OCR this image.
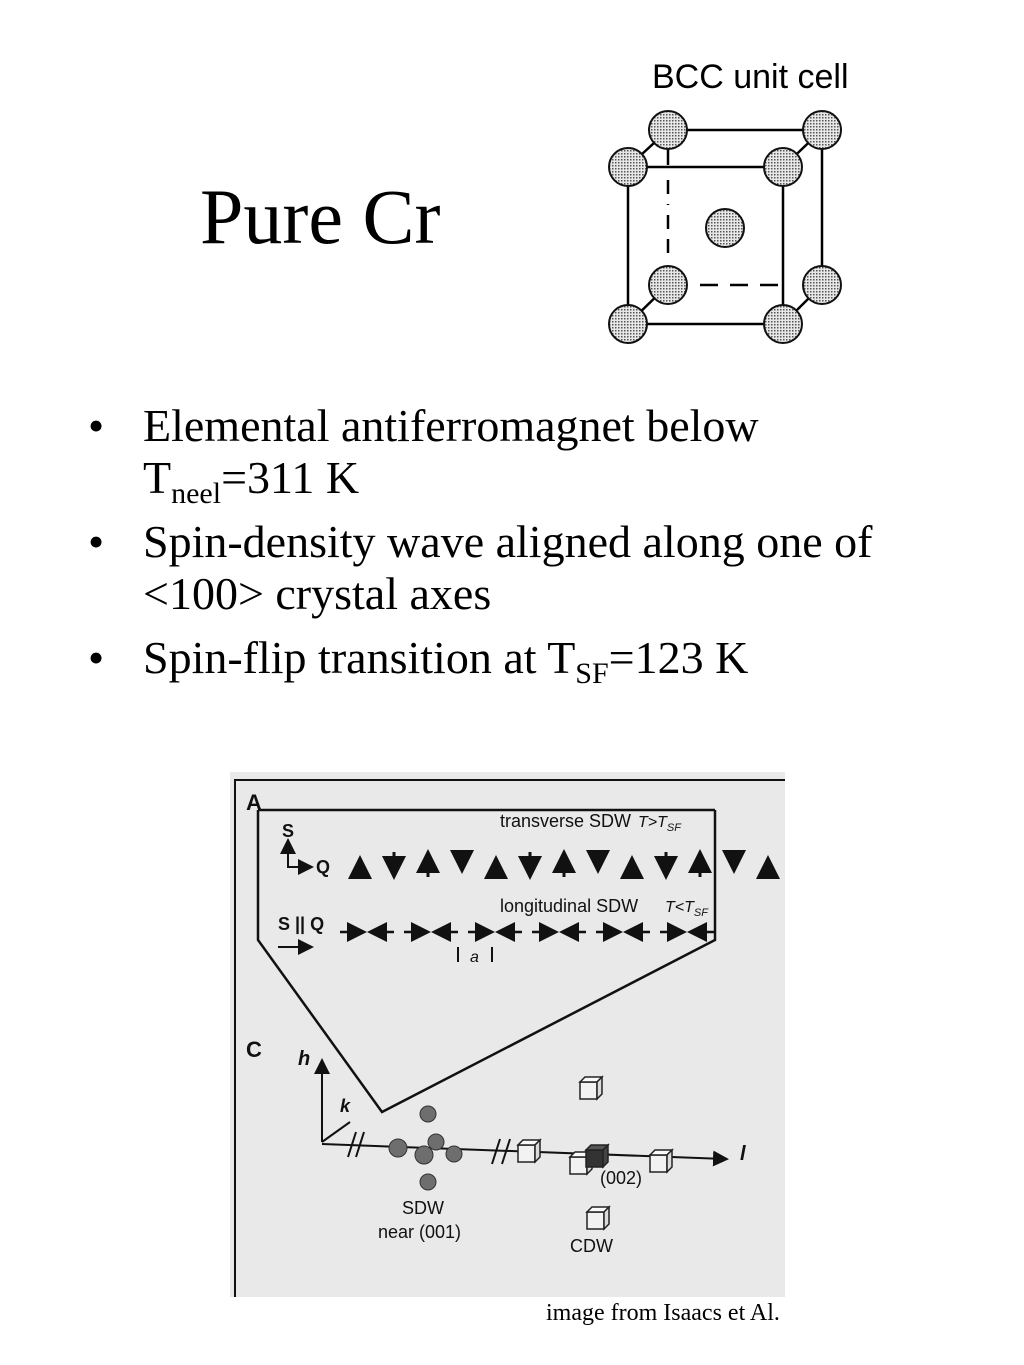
Pure Cr
BCC unit cell
• Elemental antiferromagnet below
$T_{neel}=311$ K
• Spin-density wave aligned along one of <100> crystal axes
• Spin-flip transition at $T_{SF}=123$ K
A
C
S
Q
transverse SDW $T>T_{SF}$
longitudinal SDW $T<T_{SF}$
S || Q
a
h
k
l
SDW
near (001)
(002)
CDW
image from Isaacs et Al.
